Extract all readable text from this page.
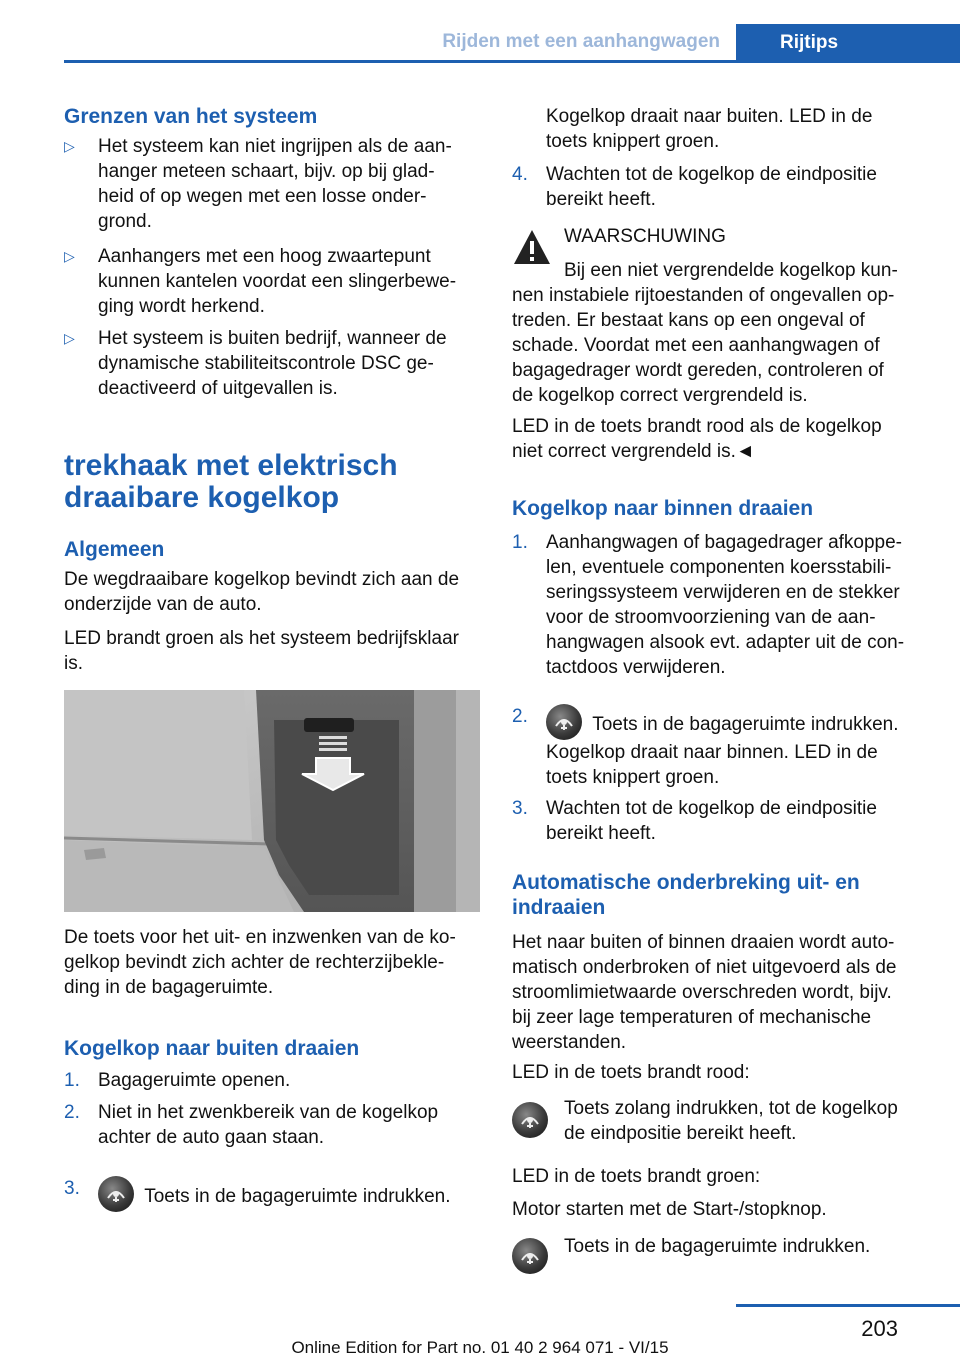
Rijden met een aanhangwagen	Rijtips
Grenzen van het systeem
▷	Het systeem kan niet ingrijpen als de aan-
hanger meteen schaart, bijv. op bij glad-
heid of op wegen met een losse onder-
grond.
▷	Aanhangers met een hoog zwaartepunt
kunnen kantelen voordat een slingerbewe-
ging wordt herkend.
▷	Het systeem is buiten bedrijf, wanneer de
dynamische stabiliteitscontrole DSC ge-
deactiveerd of uitgevallen is.
trekhaak met elektrisch
draaibare kogelkop
Algemeen
De wegdraaibare kogelkop bevindt zich aan de
onderzijde van de auto.
LED brandt groen als het systeem bedrijfsklaar
is.
De toets voor het uit- en inzwenken van de ko-
gelkop bevindt zich achter de rechterzijbekle-
ding in de bagageruimte.
Kogelkop naar buiten draaien
1. Bagageruimte openen.
2. Niet in het zwenkbereik van de kogelkop
achter de auto gaan staan.
3.	Toets in de bagageruimte indrukken.
Kogelkop draait naar buiten. LED in de
toets knippert groen.
4. Wachten tot de kogelkop de eindpositie
bereikt heeft.
WAARSCHUWING
Bij een niet vergrendelde kogelkop kun-
nen instabiele rijtoestanden of ongevallen op-
treden. Er bestaat kans op een ongeval of
schade. Voordat met een aanhangwagen of
bagagedrager wordt gereden, controleren of
de kogelkop correct vergrendeld is.
LED in de toets brandt rood als de kogelkop
niet correct vergrendeld is.◄
Kogelkop naar binnen draaien
1. Aanhangwagen of bagagedrager afkoppe-
len, eventuele componenten koersstabili-
seringssysteem verwijderen en de stekker
voor de stroomvoorziening van de aan-
hangwagen alsook evt. adapter uit de con-
tactdoos verwijderen.
2.	Toets in de bagageruimte indrukken.
Kogelkop draait naar binnen. LED in de
toets knippert groen.
3. Wachten tot de kogelkop de eindpositie
bereikt heeft.
Automatische onderbreking uit- en
indraaien
Het naar buiten of binnen draaien wordt auto-
matisch onderbroken of niet uitgevoerd als de
stroomlimietwaarde overschreden wordt, bijv.
bij zeer lage temperaturen of mechanische
weerstanden.
LED in de toets brandt rood:
Toets zolang indrukken, tot de kogelkop
de eindpositie bereikt heeft.
LED in de toets brandt groen:
Motor starten met de Start-/stopknop.
Toets in de bagageruimte indrukken.
203
Online Edition for Part no. 01 40 2 964 071 - VI/15
